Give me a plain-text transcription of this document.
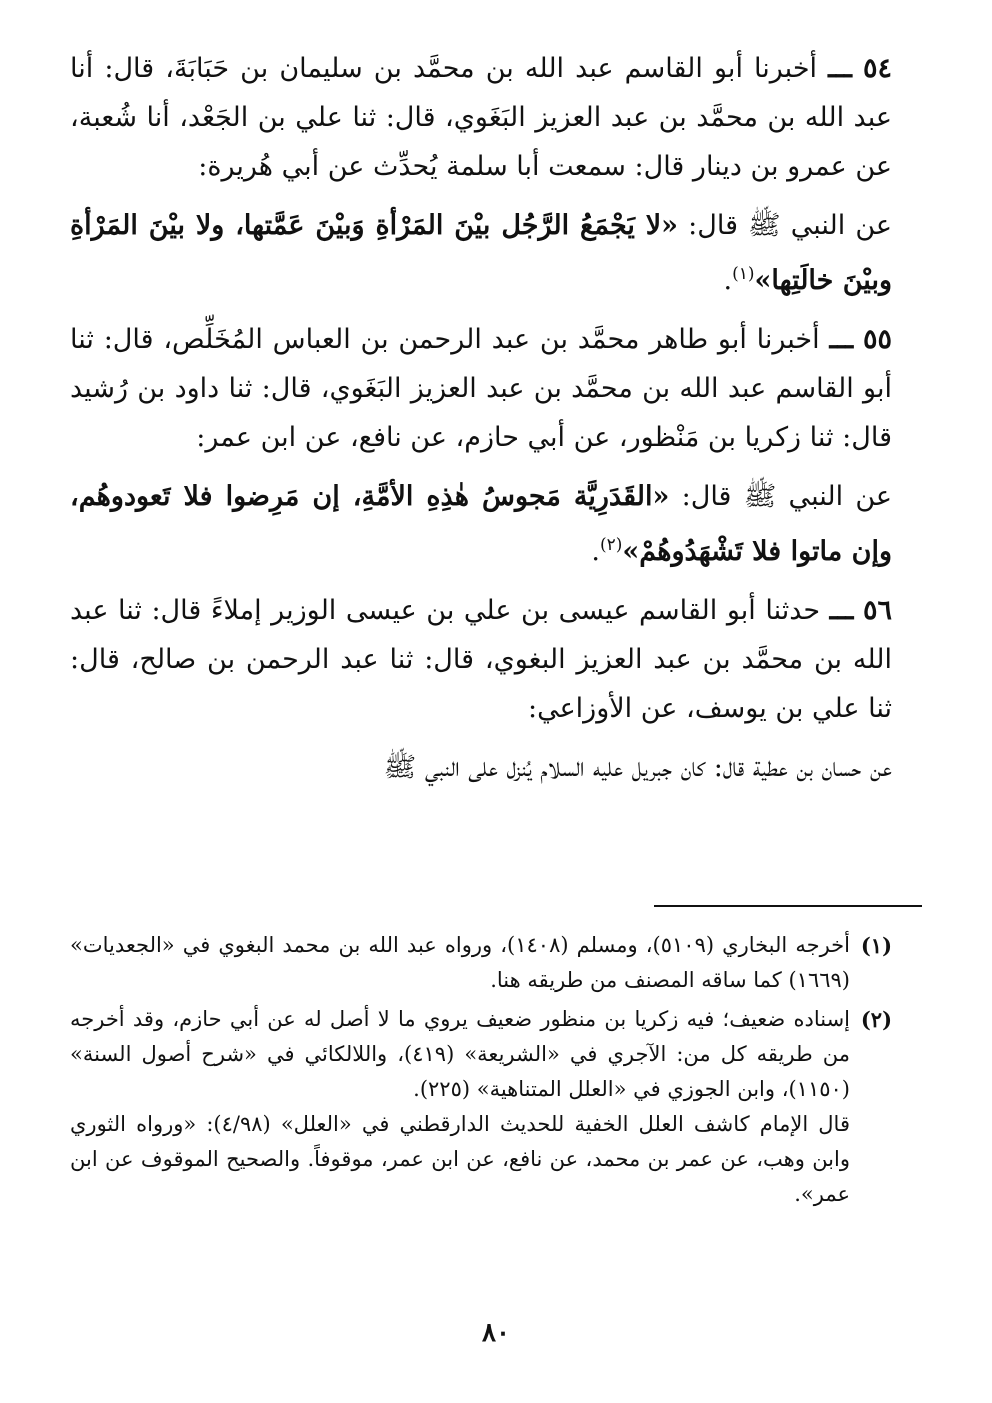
٥٤ ـــ أخبرنا أبو القاسم عبد الله بن محمَّد بن سليمان بن حَبَابَةَ، قال: أنا عبد الله بن محمَّد بن عبد العزيز البَغَوي، قال: ثنا علي بن الجَعْد، أنا شُعبة، عن عمرو بن دينار قال: سمعت أبا سلمة يُحدِّث عن أبي هُريرة:

عن النبي ﷺ قال: «لا يَجْمَعُ الرَّجُل بيْنَ المَرْأةِ وَبيْنَ عَمَّتها، ولا بيْنَ المَرْأةِ وبيْنَ خالَتِها»$^{(١)}$.

٥٥ ـــ أخبرنا أبو طاهر محمَّد بن عبد الرحمن بن العباس المُخَلِّص، قال: ثنا أبو القاسم عبد الله بن محمَّد بن عبد العزيز البَغَوي، قال: ثنا داود بن رُشيد قال: ثنا زكريا بن مَنْظور، عن أبي حازم، عن نافع، عن ابن عمر:

عن النبي ﷺ قال: «القَدَرِيَّة مَجوسُ هٰذِهِ الأمَّةِ، إن مَرِضوا فلا تَعودوهُم، وإن ماتوا فلا تَشْهَدُوهُمْ»$^{(٢)}$.

٥٦ ـــ حدثنا أبو القاسم عيسى بن علي بن عيسى الوزير إملاءً قال: ثنا عبد الله بن محمَّد بن عبد العزيز البغوي، قال: ثنا عبد الرحمن بن صالح، قال: ثنا علي بن يوسف، عن الأوزاعي:

عن حسان بن عطية قال: كان جبريل عليه السلام يُنزل على النبي ﷺ

(١)
أخرجه البخاري (٥١٠٩)، ومسلم (١٤٠٨)، ورواه عبد الله بن محمد البغوي في «الجعديات» (١٦٦٩) كما ساقه المصنف من طريقه هنا.

(٢)
إسناده ضعيف؛ فيه زكريا بن منظور ضعيف يروي ما لا أصل له عن أبي حازم، وقد أخرجه من طريقه كل من: الآجري في «الشريعة» (٤١٩)، واللالكائي في «شرح أصول السنة» (١١٥٠)، وابن الجوزي في «العلل المتناهية» (٢٢٥).
قال الإمام كاشف العلل الخفية للحديث الدارقطني في «العلل» (٤/٩٨): «ورواه الثوري وابن وهب، عن عمر بن محمد، عن نافع، عن ابن عمر، موقوفاً. والصحيح الموقوف عن ابن عمر».

٨٠
